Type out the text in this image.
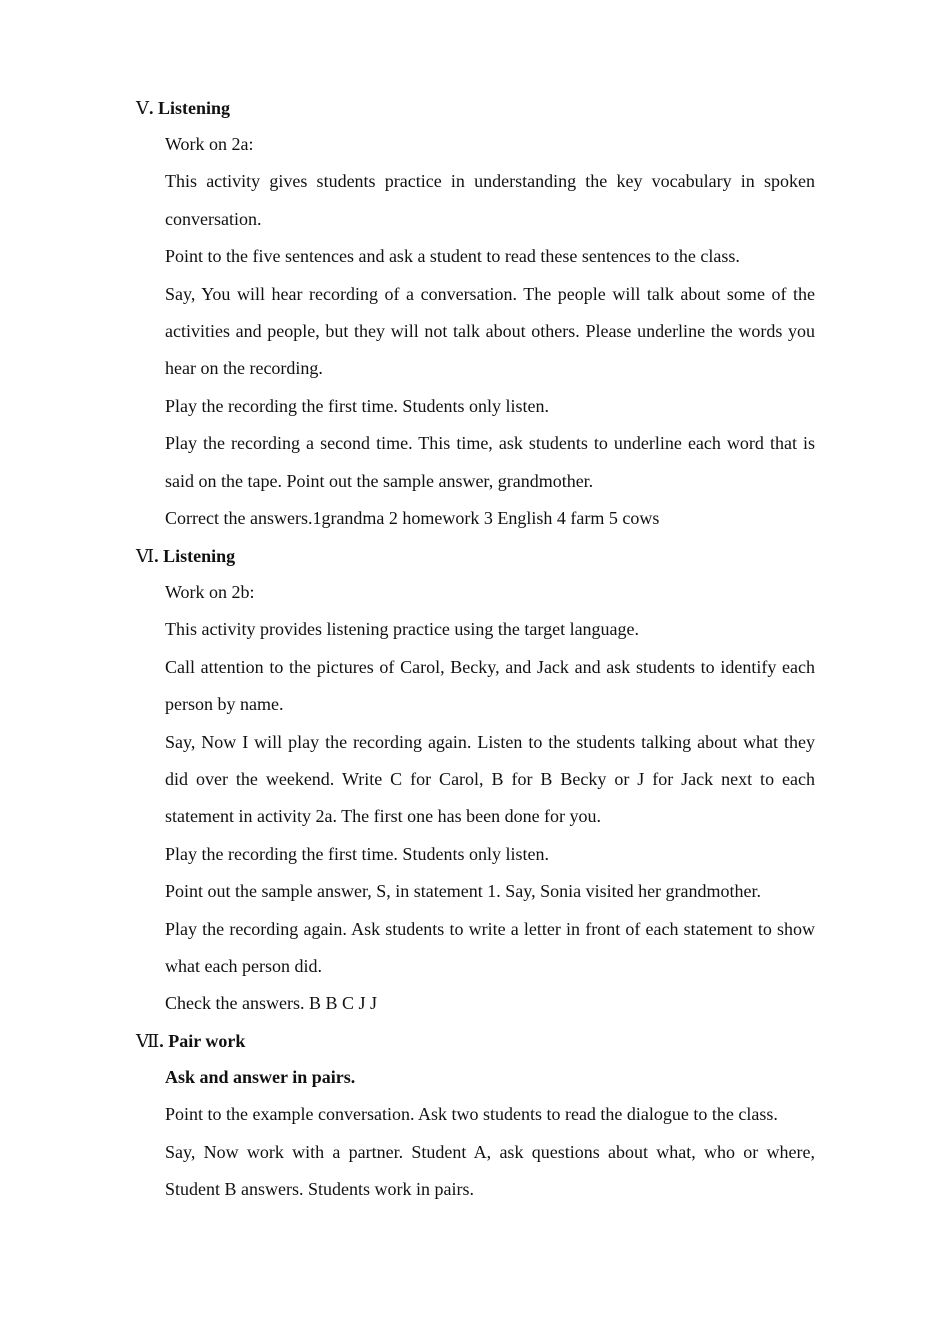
Ⅴ. Listening

Work on 2a:

This activity gives students practice in understanding the key vocabulary in spoken conversation.

Point to the five sentences and ask a student to read these sentences to the class.

Say, You will hear recording of a conversation. The people will talk about some of the activities and people, but they will not talk about others. Please underline the words you hear on the recording.

Play the recording the first time. Students only listen.

Play the recording a second time. This time, ask students to underline each word that is said on the tape. Point out the sample answer, grandmother.

Correct the answers.1grandma 2 homework 3 English 4 farm 5 cows

Ⅵ. Listening

Work on 2b:

This activity provides listening practice using the target language.

Call attention to the pictures of Carol, Becky, and Jack and ask students to identify each person by name.

Say, Now I will play the recording again. Listen to the students talking about what they did over the weekend. Write C for Carol, B for B Becky or J for Jack next to each statement in activity 2a. The first one has been done for you.

Play the recording the first time. Students only listen.

Point out the sample answer, S, in statement 1. Say, Sonia visited her grandmother.

Play the recording again. Ask students to write a letter in front of each statement to show what each person did.

Check the answers. B B C J J

Ⅶ. Pair work

Ask and answer in pairs.

Point to the example conversation. Ask two students to read the dialogue to the class.

Say, Now work with a partner. Student A, ask questions about what, who or where, Student B answers. Students work in pairs.
